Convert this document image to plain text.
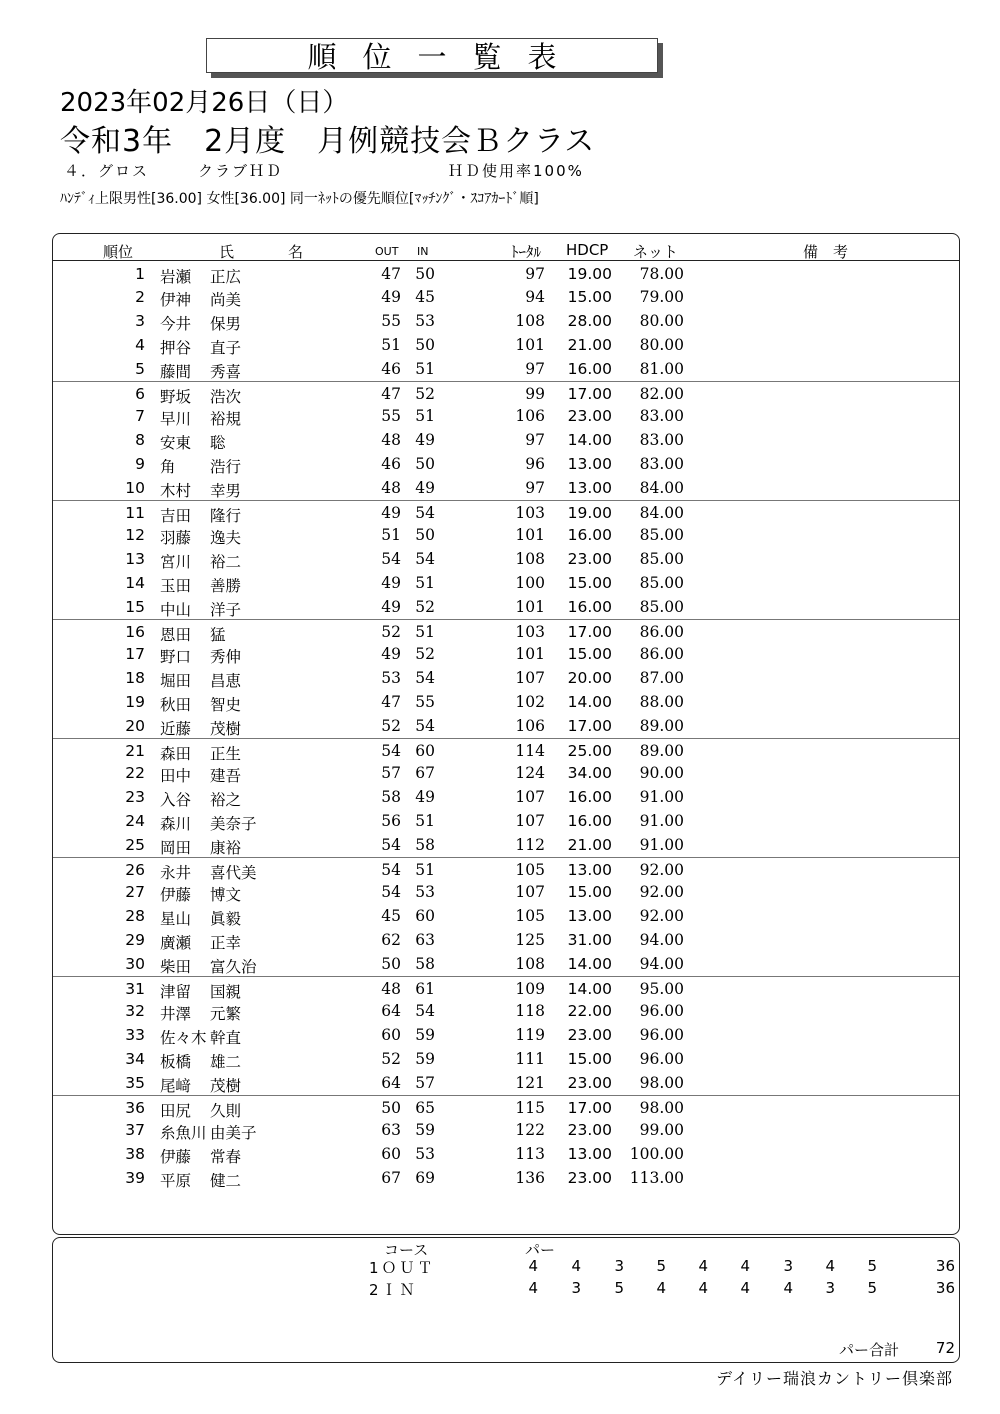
順位一覧表
2023年02月26日（日）
令和3年　2月度　月例競技会Ｂクラス
４．グロス	クラブＨＤ	ＨＤ使用率100%
ﾊﾝﾃﾞｨ上限男性[36.00] 女性[36.00] 同一ﾈｯﾄの優先順位[ﾏｯﾁﾝｸﾞ・ｽｺｱｶｰﾄﾞ順]
順位	氏	名	OUT IN	ﾄｰﾀﾙ HDCP ネット	備　考
1 岩瀬	正広	47 50	97	19.00	78.00
2 伊神	尚美	49 45	94	15.00	79.00
3 今井	保男	55 53	108	28.00	80.00
4 押谷	直子	51 50	101	21.00	80.00
5 藤間	秀喜	46 51	97	16.00	81.00
6 野坂	浩次	47 52	99	17.00	82.00
7 早川	裕規	55 51	106	23.00	83.00
8 安東	聡	48 49	97	14.00	83.00
9 角	浩行	46 50	96	13.00	83.00
10 木村	幸男	48 49	97	13.00	84.00
11 吉田	隆行	49 54	103	19.00	84.00
12 羽藤	逸夫	51 50	101	16.00	85.00
13 宮川	裕二	54 54	108	23.00	85.00
14 玉田	善勝	49 51	100	15.00	85.00
15 中山	洋子	49 52	101	16.00	85.00
16 恩田	猛	52 51	103	17.00	86.00
17 野口	秀伸	49 52	101	15.00	86.00
18 堀田	昌恵	53 54	107	20.00	87.00
19 秋田	智史	47 55	102	14.00	88.00
20 近藤	茂樹	52 54	106	17.00	89.00
21 森田	正生	54 60	114	25.00	89.00
22 田中	建吾	57 67	124	34.00	90.00
23 入谷	裕之	58 49	107	16.00	91.00
24 森川	美奈子	56 51	107	16.00	91.00
25 岡田	康裕	54 58	112	21.00	91.00
26 永井	喜代美	54 51	105	13.00	92.00
27 伊藤	博文	54 53	107	15.00	92.00
28 星山	眞毅	45 60	105	13.00	92.00
29 廣瀬	正幸	62 63	125	31.00	94.00
30 柴田	富久治	50 58	108	14.00	94.00
31 津留	国親	48 61	109	14.00	95.00
32 井澤	元繁	64 54	118	22.00	96.00
33 佐々木 幹直	60 59	119	23.00	96.00
34 板橋	雄二	52 59	111	15.00	96.00
35 尾﨑	茂樹	64 57	121	23.00	98.00
36 田尻	久則	50 65	115	17.00	98.00
37 糸魚川 由美子	63 59	122	23.00	99.00
38 伊藤	常春	60 53	113	13.00	100.00
39 平原	健二	67 69	136	23.00	113.00
コース	パー
1ＯＵＴ	4 4 3 5 4 4 3 4 5	36
2ＩＮ	4 3 5 4 4 4 4 3 5	36
パー合計 72
デイリー瑞浪カントリー倶楽部
